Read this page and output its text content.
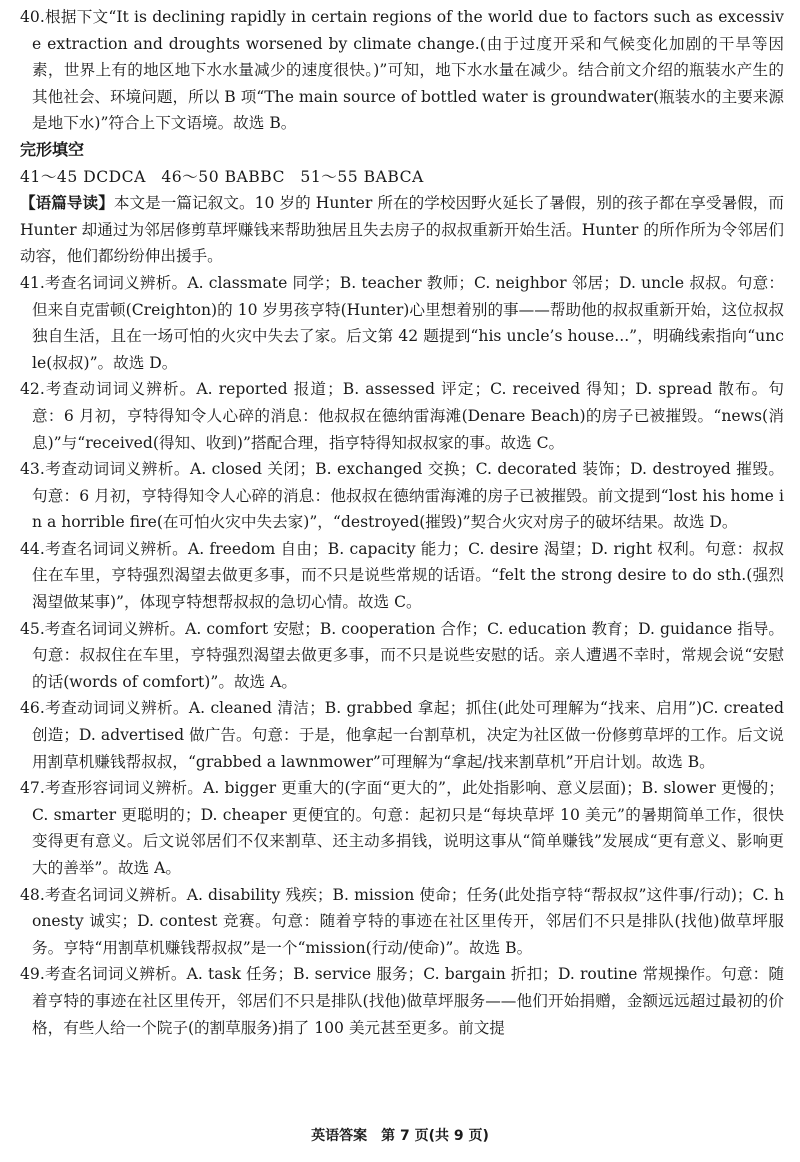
40.根据下文“It is declining rapidly in certain regions of the world due to factors such as excessive extraction and droughts worsened by climate change.(由于过度开采和气候变化加剧的干旱等因素，世界上有的地区地下水水量减少的速度很快。)”可知，地下水水量在减少。结合前文介绍的瓶装水产生的其他社会、环境问题，所以 B 项“The main source of bottled water is groundwater(瓶装水的主要来源是地下水)”符合上下文语境。故选 B。

完形填空

41～45 DCDCA 46～50 BABBC 51～55 BABCA

【语篇导读】本文是一篇记叙文。10 岁的 Hunter 所在的学校因野火延长了暑假，别的孩子都在享受暑假，而 Hunter 却通过为邻居修剪草坪赚钱来帮助独居且失去房子的叔叔重新开始生活。Hunter 的所作所为令邻居们动容，他们都纷纷伸出援手。

41.考查名词词义辨析。A. classmate 同学；B. teacher 教师；C. neighbor 邻居；D. uncle 叔叔。句意：但来自克雷顿(Creighton)的 10 岁男孩亨特(Hunter)心里想着别的事——帮助他的叔叔重新开始，这位叔叔独自生活，且在一场可怕的火灾中失去了家。后文第 42 题提到“his uncle’s house...”，明确线索指向“uncle(叔叔)”。故选 D。

42.考查动词词义辨析。A. reported 报道；B. assessed 评定；C. received 得知；D. spread 散布。句意：6 月初，亨特得知令人心碎的消息：他叔叔在德纳雷海滩(Denare Beach)的房子已被摧毁。“news(消息)”与“received(得知、收到)”搭配合理，指亨特得知叔叔家的事。故选 C。

43.考查动词词义辨析。A. closed 关闭；B. exchanged 交换；C. decorated 装饰；D. destroyed 摧毁。句意：6 月初，亨特得知令人心碎的消息：他叔叔在德纳雷海滩的房子已被摧毁。前文提到“lost his home in a horrible fire(在可怕火灾中失去家)”，“destroyed(摧毁)”契合火灾对房子的破坏结果。故选 D。

44.考查名词词义辨析。A. freedom 自由；B. capacity 能力；C. desire 渴望；D. right 权利。句意：叔叔住在车里，亨特强烈渴望去做更多事，而不只是说些常规的话语。“felt the strong desire to do sth.(强烈渴望做某事)”，体现亨特想帮叔叔的急切心情。故选 C。

45.考查名词词义辨析。A. comfort 安慰；B. cooperation 合作；C. education 教育；D. guidance 指导。句意：叔叔住在车里，亨特强烈渴望去做更多事，而不只是说些安慰的话。亲人遭遇不幸时，常规会说“安慰的话(words of comfort)”。故选 A。

46.考查动词词义辨析。A. cleaned 清洁；B. grabbed 拿起；抓住(此处可理解为“找来、启用”)C. created 创造；D. advertised 做广告。句意：于是，他拿起一台割草机，决定为社区做一份修剪草坪的工作。后文说用割草机赚钱帮叔叔，“grabbed a lawnmower”可理解为“拿起/找来割草机”开启计划。故选 B。

47.考查形容词词义辨析。A. bigger 更重大的(字面“更大的”，此处指影响、意义层面)；B. slower 更慢的；C. smarter 更聪明的；D. cheaper 更便宜的。句意：起初只是“每块草坪 10 美元”的暑期简单工作，很快变得更有意义。后文说邻居们不仅来割草、还主动多捐钱，说明这事从“简单赚钱”发展成“更有意义、影响更大的善举”。故选 A。

48.考查名词词义辨析。A. disability 残疾；B. mission 使命；任务(此处指亨特“帮叔叔”这件事/行动)；C. honesty 诚实；D. contest 竞赛。句意：随着亨特的事迹在社区里传开，邻居们不只是排队(找他)做草坪服务。亨特“用割草机赚钱帮叔叔”是一个“mission(行动/使命)”。故选 B。

49.考查名词词义辨析。A. task 任务；B. service 服务；C. bargain 折扣；D. routine 常规操作。句意：随着亨特的事迹在社区里传开，邻居们不只是排队(找他)做草坪服务——他们开始捐赠，金额远远超过最初的价格，有些人给一个院子(的割草服务)捐了 100 美元甚至更多。前文提

英语答案　第 7 页(共 9 页)
